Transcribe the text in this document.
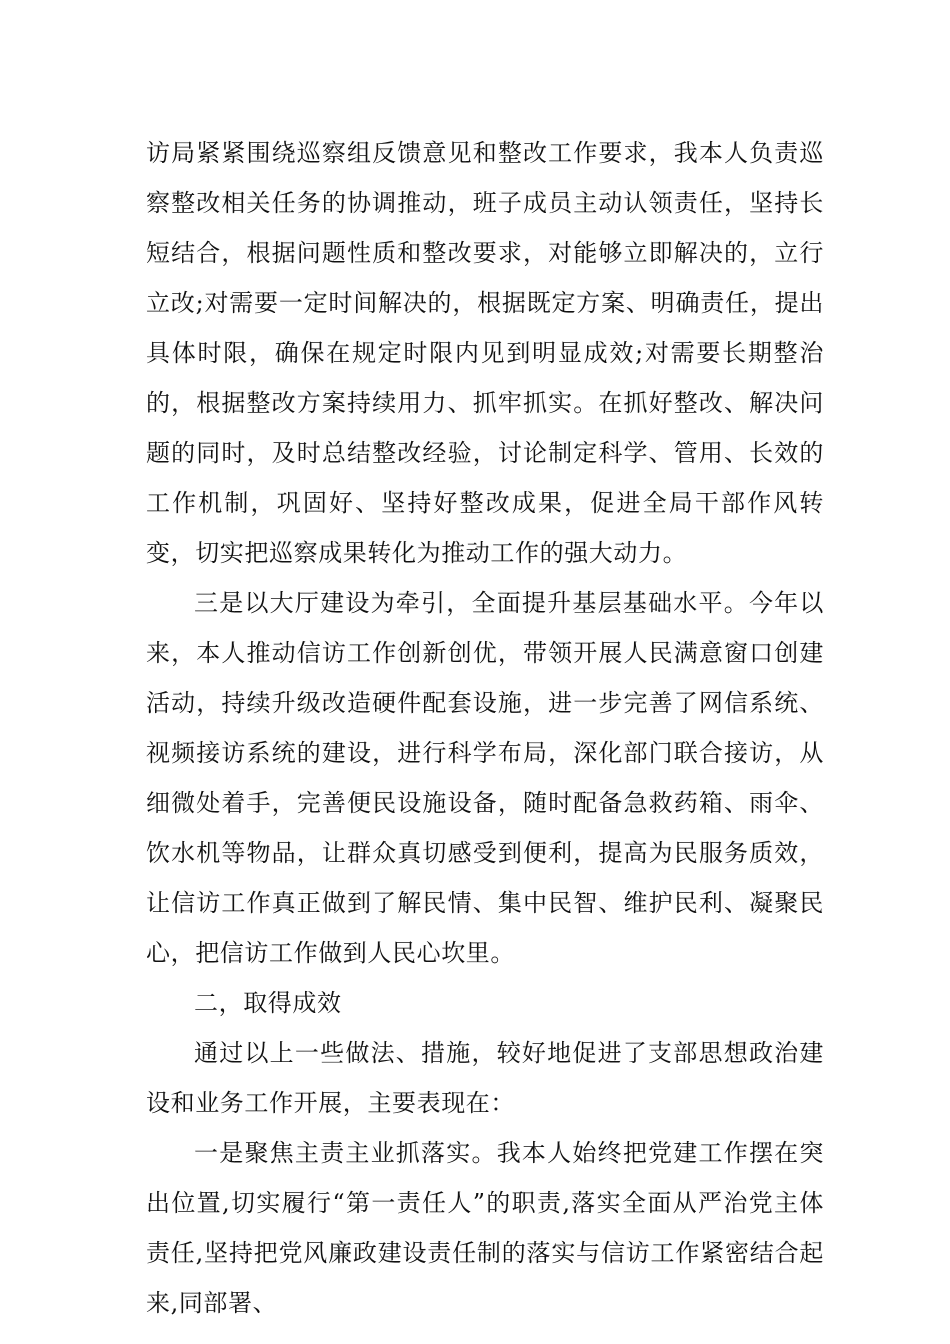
访局紧紧围绕巡察组反馈意见和整改工作要求，我本人负责巡察整改相关任务的协调推动，班子成员主动认领责任，坚持长短结合，根据问题性质和整改要求，对能够立即解决的，立行立改;对需要一定时间解决的，根据既定方案、明确责任，提出具体时限，确保在规定时限内见到明显成效;对需要长期整治的，根据整改方案持续用力、抓牢抓实。在抓好整改、解决问题的同时，及时总结整改经验，讨论制定科学、管用、长效的工作机制，巩固好、坚持好整改成果，促进全局干部作风转变，切实把巡察成果转化为推动工作的强大动力。

三是以大厅建设为牵引，全面提升基层基础水平。今年以来，本人推动信访工作创新创优，带领开展人民满意窗口创建活动，持续升级改造硬件配套设施，进一步完善了网信系统、视频接访系统的建设，进行科学布局，深化部门联合接访，从细微处着手，完善便民设施设备，随时配备急救药箱、雨伞、饮水机等物品，让群众真切感受到便利，提高为民服务质效，让信访工作真正做到了解民情、集中民智、维护民利、凝聚民心，把信访工作做到人民心坎里。

二，取得成效

通过以上一些做法、措施，较好地促进了支部思想政治建设和业务工作开展，主要表现在：

一是聚焦主责主业抓落实。我本人始终把党建工作摆在突出位置,切实履行“第一责任人”的职责,落实全面从严治党主体责任,坚持把党风廉政建设责任制的落实与信访工作紧密结合起来,同部署、
